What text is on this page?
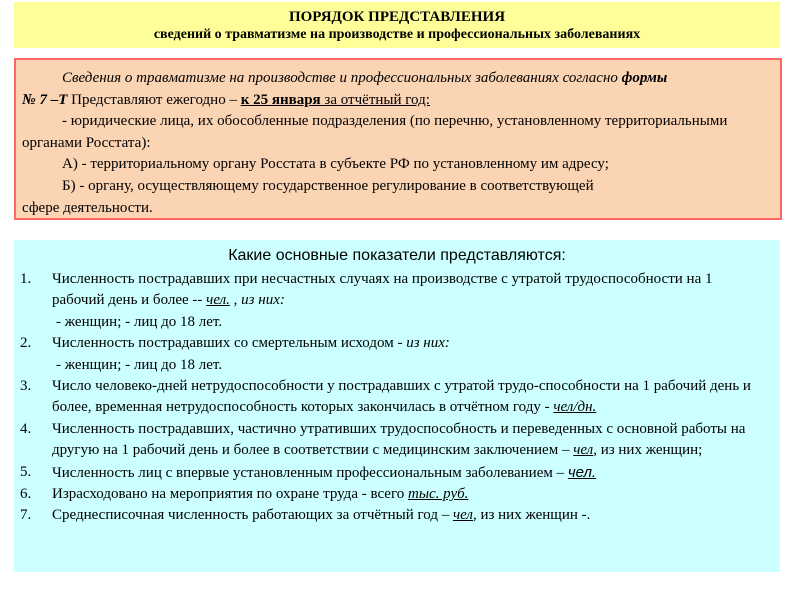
ПОРЯДОК ПРЕДСТАВЛЕНИЯ
сведений о травматизме на производстве и профессиональных заболеваниях

Сведения о травматизме на производстве и профессиональных заболеваниях согласно формы

№ 7 –Т Представляют ежегодно – к 25 января за отчётный год:

- юридические лица, их обособленные подразделения (по перечню, установленному территориальными органами Росстата):

А) - территориальному органу Росстата в субъекте РФ по установленному им адресу;

Б) - органу, осуществляющему государственное регулирование в соответствующей

сфере деятельности.

Какие основные показатели представляются:
1. Численность пострадавших при несчастных случаях на производстве с утратой трудоспособности на 1 рабочий день и более -- чел. , из них:
- женщин; - лиц до 18 лет.
2. Численность пострадавших со смертельным исходом - из них:
- женщин; - лиц до 18 лет.
3. Число человеко-дней нетрудоспособности у пострадавших с утратой трудо-способности на 1 рабочий день и более, временная нетрудоспособность которых закончилась в отчётном году - чел/дн.
4. Численность пострадавших, частично утративших трудоспособность и переведенных с основной работы на другую на 1 рабочий день и более в соответствии с медицинским заключением – чел, из них женщин;
5. Численность лиц с впервые установленным профессиональным заболеванием – чел.
6. Израсходовано на мероприятия по охране труда - всего тыс. руб.
7. Среднесписочная численность работающих за отчётный год – чел, из них женщин -.
